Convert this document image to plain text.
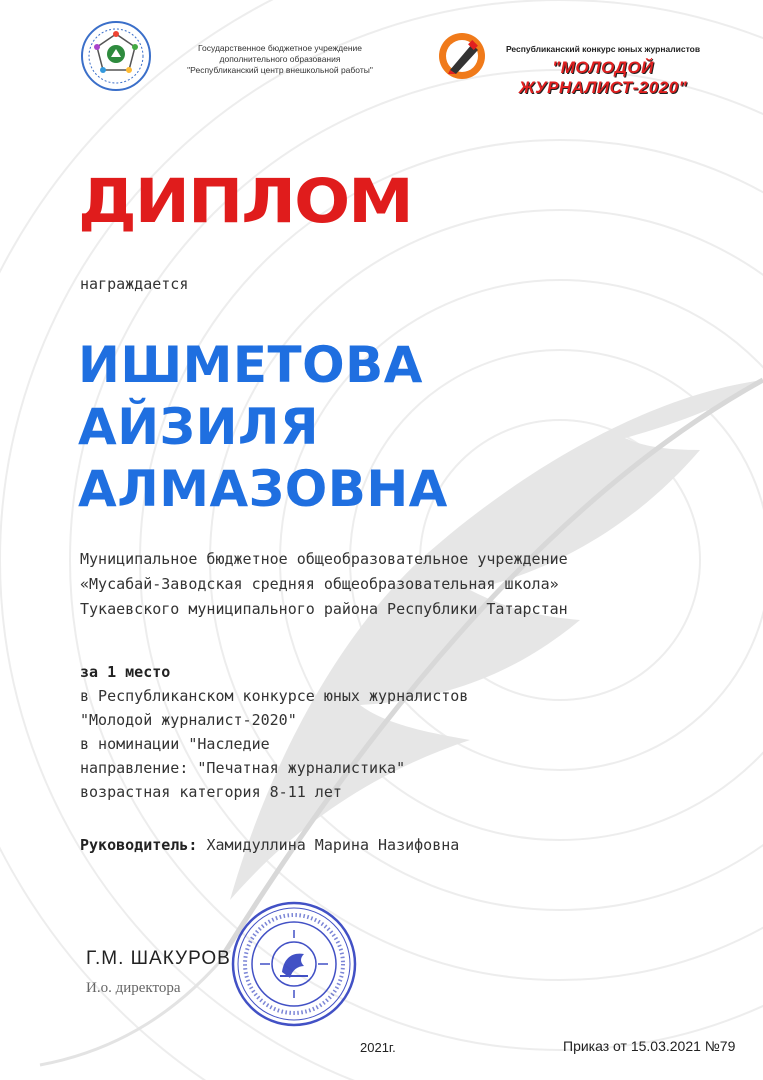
Государственное бюджетное учреждение
дополнительного образования
"Республиканский центр внешкольной работы"
Республиканский конкурс юных журналистов
"МОЛОДОЙ ЖУРНАЛИСТ-2020"
ДИПЛОМ
награждается
ИШМЕТОВА
АЙЗИЛЯ
АЛМАЗОВНА
Муниципальное бюджетное общеобразовательное учреждение
«Мусабай-Заводская средняя общеобразовательная школа»
Тукаевского муниципального района Республики Татарстан
за 1 место
в Республиканском конкурсе юных журналистов
"Молодой журналист-2020"
в номинации "Наследие
направление: "Печатная журналистика"
возрастная категория 8-11 лет
Руководитель: Хамидуллина Марина Назифовна
Г.М. ШАКУРОВ
И.о. директора
2021г.	Приказ от 15.03.2021 №79
